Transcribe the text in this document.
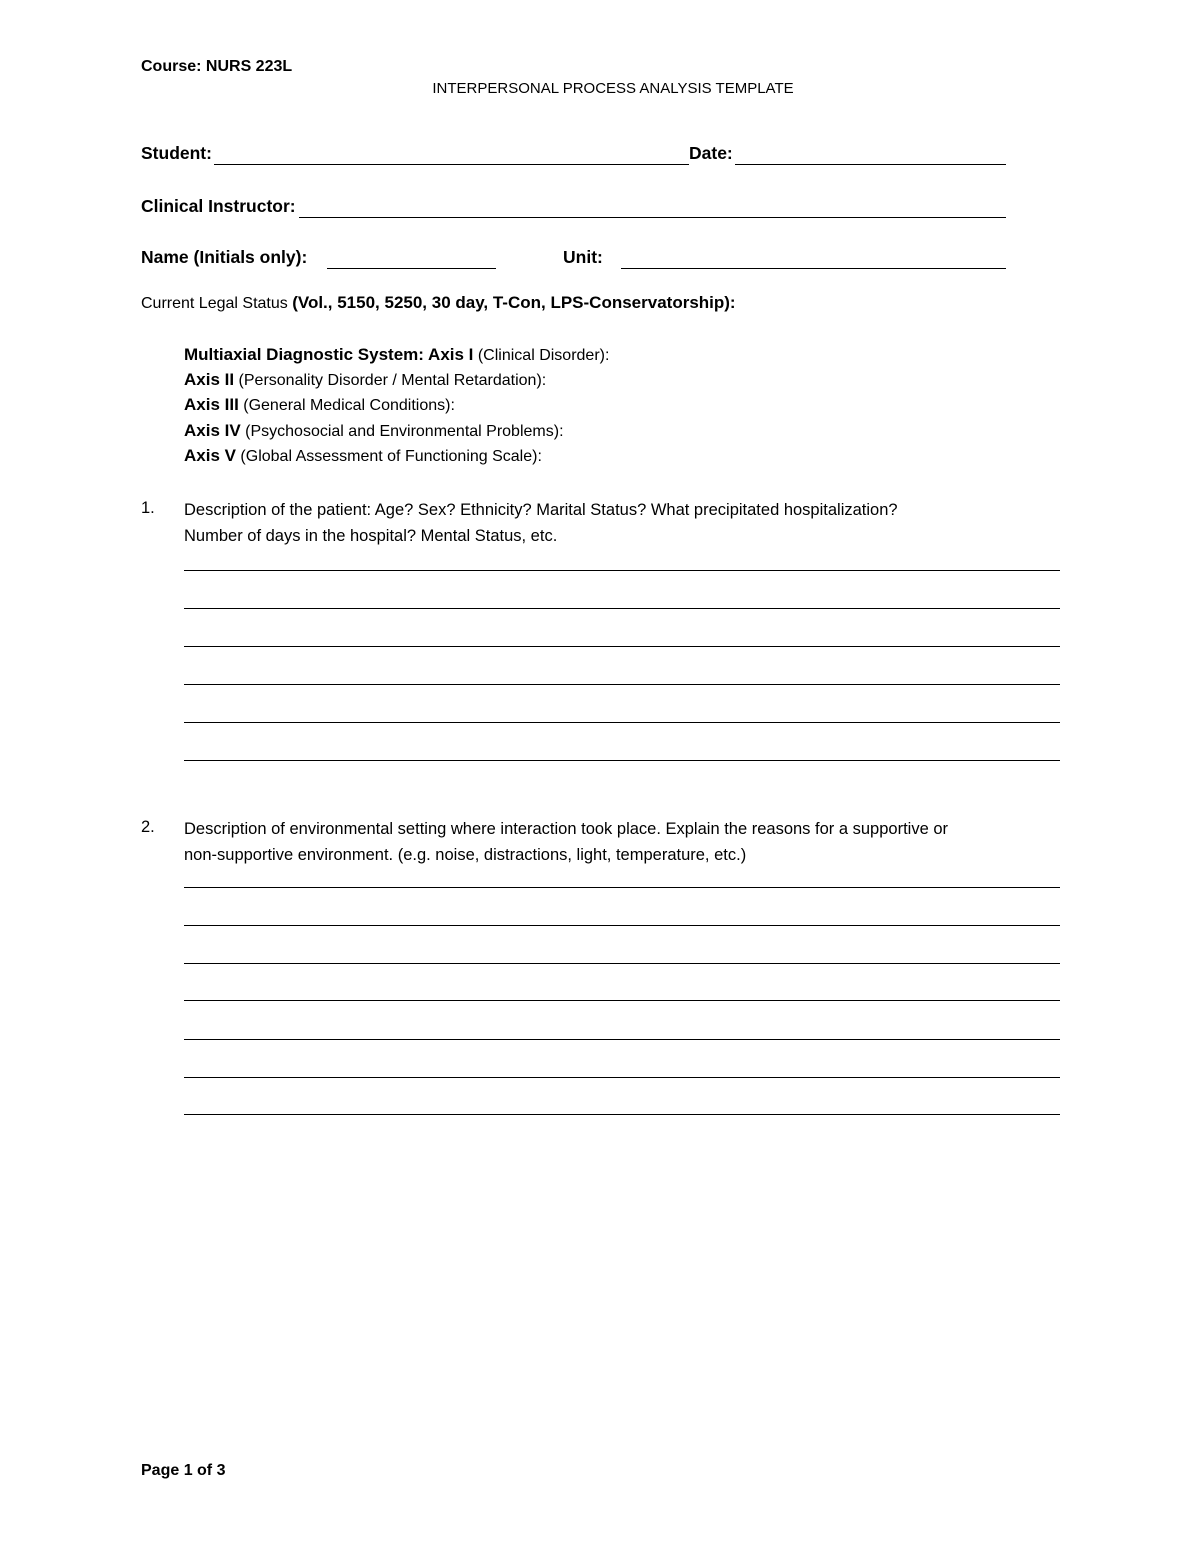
Course: NURS 223L
INTERPERSONAL PROCESS ANALYSIS TEMPLATE
Student:	Date:
Clinical Instructor:
Name (Initials only):	Unit:
Current Legal Status (Vol., 5150, 5250, 30 day, T-Con, LPS-Conservatorship):
Multiaxial Diagnostic System: Axis I (Clinical Disorder):
Axis II (Personality Disorder / Mental Retardation):
Axis III (General Medical Conditions):
Axis IV (Psychosocial and Environmental Problems):
Axis V (Global Assessment of Functioning Scale):
1. Description of the patient: Age? Sex? Ethnicity? Marital Status? What precipitated hospitalization?
Number of days in the hospital? Mental Status, etc.
2. Description of environmental setting where interaction took place. Explain the reasons for a supportive or
non-supportive environment. (e.g. noise, distractions, light, temperature, etc.)
Page 1 of 3
